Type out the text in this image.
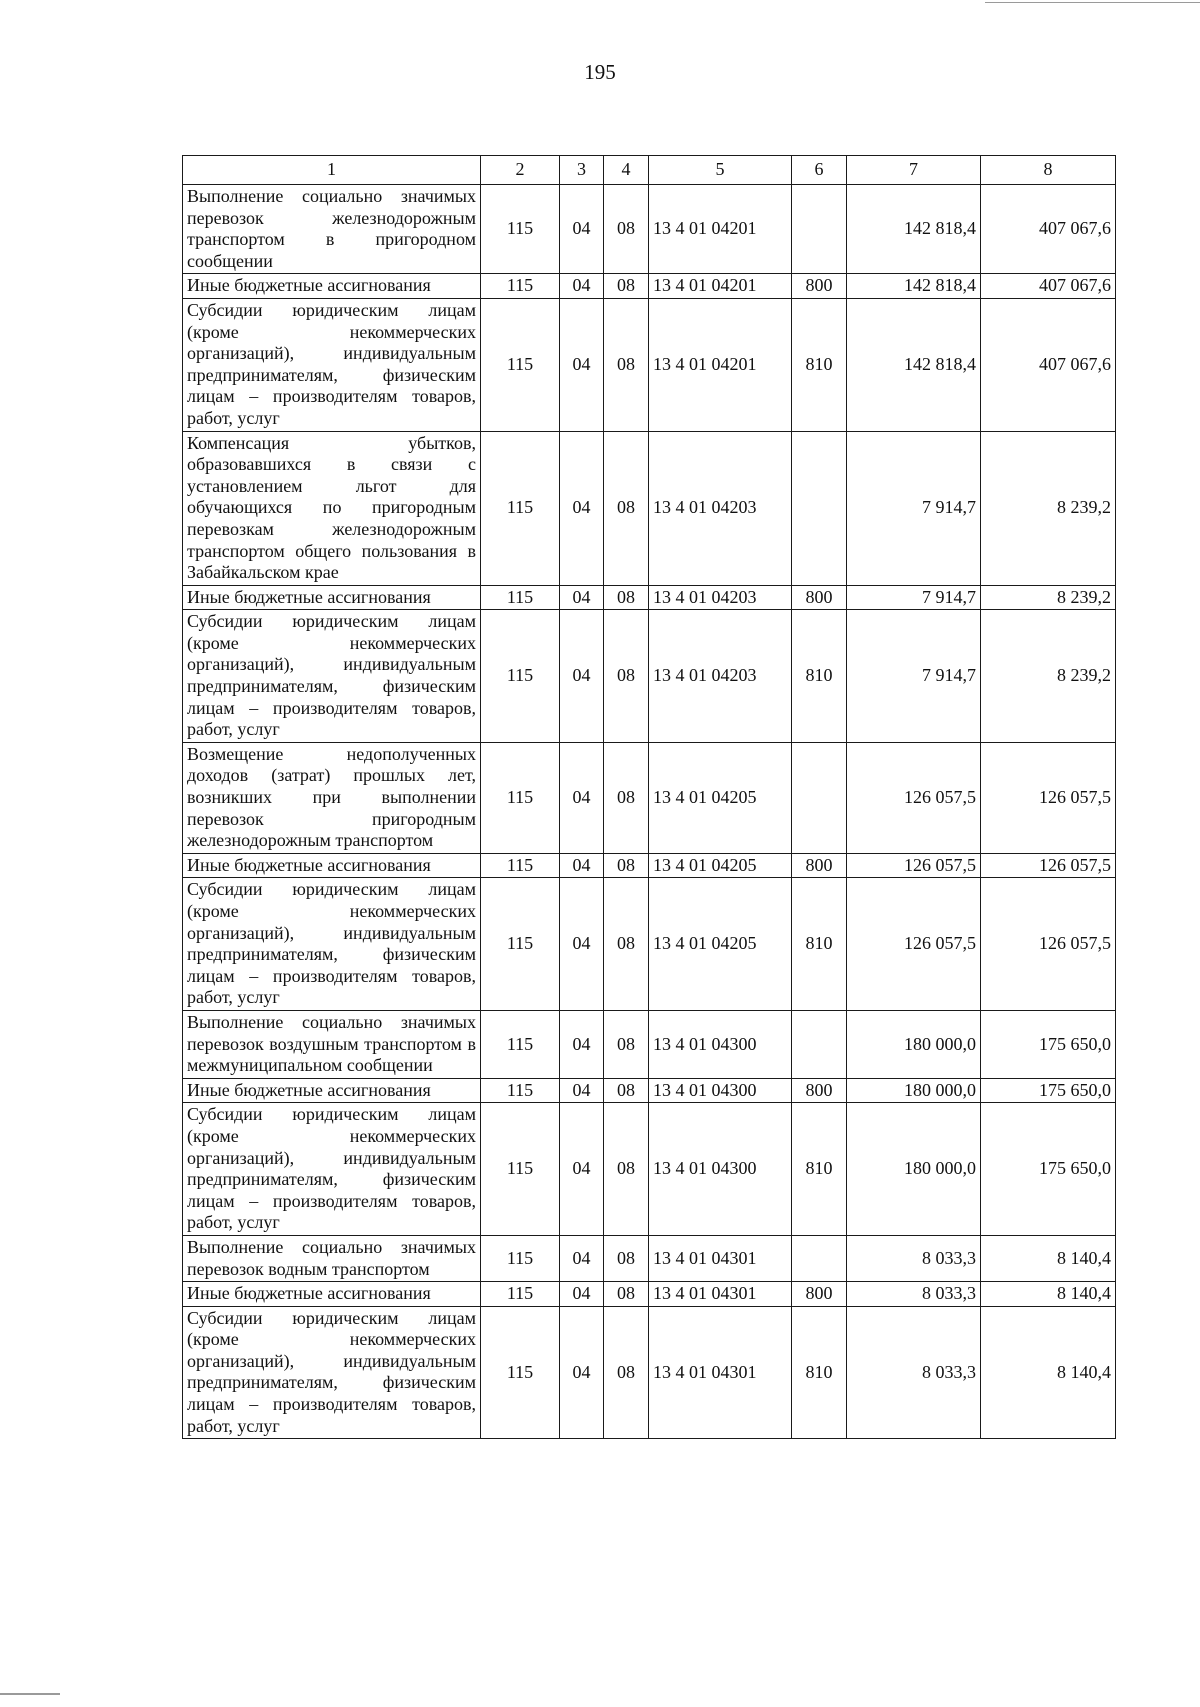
195
1	2	3	4	5	6	7	8
Выполнение социально значимых перевозок железнодорожным транспортом в пригородном сообщении	115	04	08	13 4 01 04201		142 818,4	407 067,6
Иные бюджетные ассигнования	115	04	08	13 4 01 04201	800	142 818,4	407 067,6
Субсидии юридическим лицам (кроме некоммерческих организаций), индивидуальным предпринимателям, физическим лицам – производителям товаров, работ, услуг	115	04	08	13 4 01 04201	810	142 818,4	407 067,6
Компенсация убытков, образовавшихся в связи с установлением льгот для обучающихся по пригородным перевозкам железнодорожным транспортом общего пользования в Забайкальском крае	115	04	08	13 4 01 04203		7 914,7	8 239,2
Иные бюджетные ассигнования	115	04	08	13 4 01 04203	800	7 914,7	8 239,2
Субсидии юридическим лицам (кроме некоммерческих организаций), индивидуальным предпринимателям, физическим лицам – производителям товаров, работ, услуг	115	04	08	13 4 01 04203	810	7 914,7	8 239,2
Возмещение недополученных доходов (затрат) прошлых лет, возникших при выполнении перевозок пригородным железнодорожным транспортом	115	04	08	13 4 01 04205		126 057,5	126 057,5
Иные бюджетные ассигнования	115	04	08	13 4 01 04205	800	126 057,5	126 057,5
Субсидии юридическим лицам (кроме некоммерческих организаций), индивидуальным предпринимателям, физическим лицам – производителям товаров, работ, услуг	115	04	08	13 4 01 04205	810	126 057,5	126 057,5
Выполнение социально значимых перевозок воздушным транспортом в межмуниципальном сообщении	115	04	08	13 4 01 04300		180 000,0	175 650,0
Иные бюджетные ассигнования	115	04	08	13 4 01 04300	800	180 000,0	175 650,0
Субсидии юридическим лицам (кроме некоммерческих организаций), индивидуальным предпринимателям, физическим лицам – производителям товаров, работ, услуг	115	04	08	13 4 01 04300	810	180 000,0	175 650,0
Выполнение социально значимых перевозок водным транспортом	115	04	08	13 4 01 04301		8 033,3	8 140,4
Иные бюджетные ассигнования	115	04	08	13 4 01 04301	800	8 033,3	8 140,4
Субсидии юридическим лицам (кроме некоммерческих организаций), индивидуальным предпринимателям, физическим лицам – производителям товаров, работ, услуг	115	04	08	13 4 01 04301	810	8 033,3	8 140,4
